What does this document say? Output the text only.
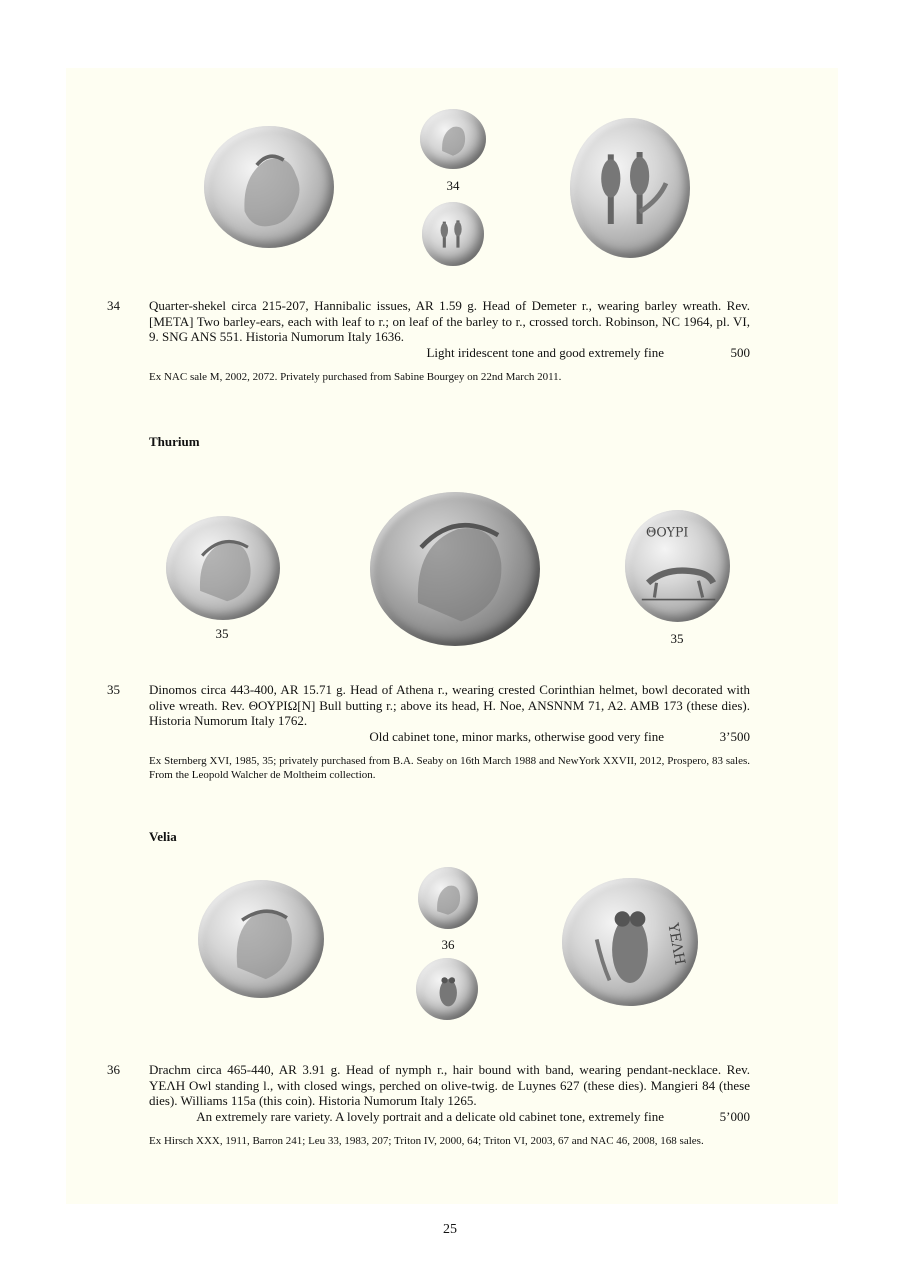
34
34 Quarter-shekel circa 215-207, Hannibalic issues, AR 1.59 g. Head of Demeter r., wearing barley wreath. Rev. [META] Two barley-ears, each with leaf to r.; on leaf of the barley to r., crossed torch. Robinson, NC 1964, pl. VI, 9. SNG ANS 551. Historia Numorum Italy 1636.
Light iridescent tone and good extremely fine	500
Ex NAC sale M, 2002, 2072. Privately purchased from Sabine Bourgey on 22nd March 2011.
Thurium
35
ΘΟΥΡΙ
35
35 Dinomos circa 443-400, AR 15.71 g. Head of Athena r., wearing crested Corinthian helmet, bowl decorated with olive wreath. Rev. ΘΟΥΡΙΩ[Ν] Bull butting r.; above its head, H. Noe, ANSNNM 71, A2. AMB 173 (these dies). Historia Numorum Italy 1762.
Old cabinet tone, minor marks, otherwise good very fine	3’500
Ex Sternberg XVI, 1985, 35; privately purchased from B.A. Seaby on 16th March 1988 and NewYork XXVII, 2012, Prospero, 83 sales. From the Leopold Walcher de Moltheim collection.
Velia
36	ΥΕΛΗ
36 Drachm circa 465-440, AR 3.91 g. Head of nymph r., hair bound with band, wearing pendant-necklace. Rev. ΥΕΛΗ Owl standing l., with closed wings, perched on olive-twig. de Luynes 627 (these dies). Mangieri 84 (these dies). Williams 115a (this coin). Historia Numorum Italy 1265.
An extremely rare variety. A lovely portrait and a delicate old cabinet tone, extremely fine	5’000
Ex Hirsch XXX, 1911, Barron 241; Leu 33, 1983, 207; Triton IV, 2000, 64; Triton VI, 2003, 67 and NAC 46, 2008, 168 sales.
25
